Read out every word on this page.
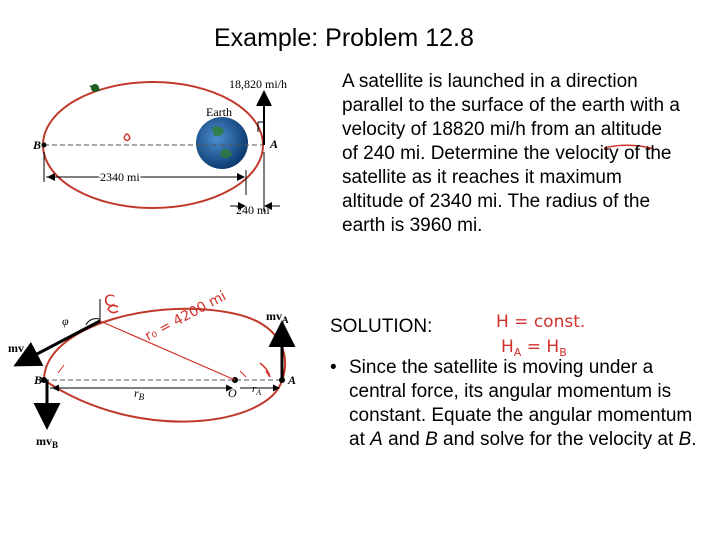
Example: Problem 12.8
18,820 mi/h
Earth
A
B
2340 mi
240 mi
$mv_A$
mv
$mv_B$
φ
$r_B$
$r_A$
A
B
O
r₀ = 4200 mi
C
H = const.
$H_A = H_B$
A satellite is launched in a direction parallel to the surface of the earth with a velocity of 18820 mi/h from an altitude of 240 mi. Determine the velocity of the satellite as it reaches it maximum altitude of 2340 mi. The radius of the earth is 3960 mi.
SOLUTION:
• Since the satellite is moving under a central force, its angular momentum is constant. Equate the angular momentum at A and B and solve for the velocity at B.
